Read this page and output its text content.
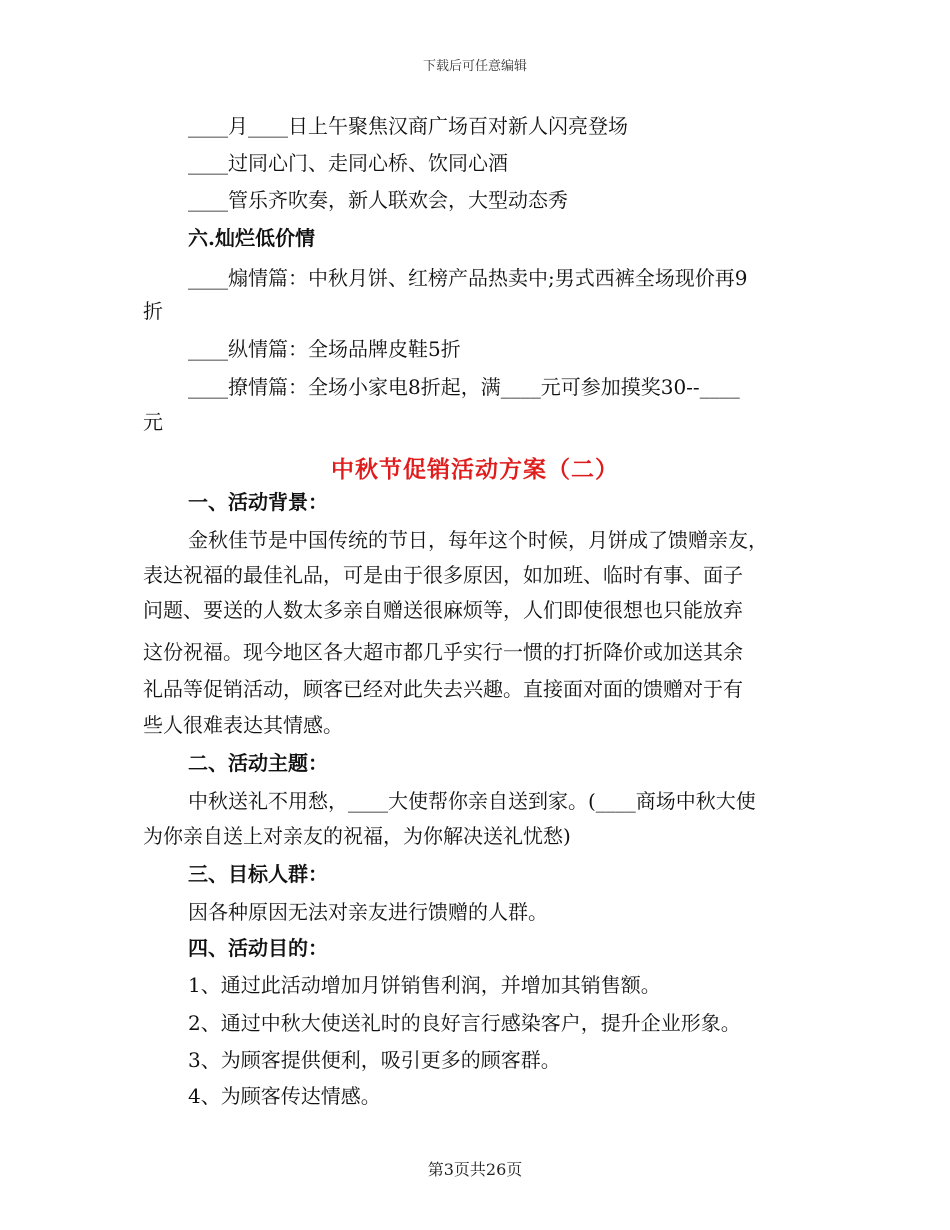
下载后可任意编辑
____月____日上午聚焦汉商广场百对新人闪亮登场
____过同心门、走同心桥、饮同心酒
____管乐齐吹奏，新人联欢会，大型动态秀
六.灿烂低价情
____煽情篇：中秋月饼、红榜产品热卖中;男式西裤全场现价再9
折
____纵情篇：全场品牌皮鞋5折
____撩情篇：全场小家电8折起，满____元可参加摸奖30--____
元
中秋节促销活动方案（二）
一、活动背景：
金秋佳节是中国传统的节日，每年这个时候，月饼成了馈赠亲友，
表达祝福的最佳礼品，可是由于很多原因，如加班、临时有事、面子
问题、要送的人数太多亲自赠送很麻烦等，人们即使很想也只能放弃
这份祝福。现今地区各大超市都几乎实行一惯的打折降价或加送其余
礼品等促销活动，顾客已经对此失去兴趣。直接面对面的馈赠对于有
些人很难表达其情感。
二、活动主题：
中秋送礼不用愁，____大使帮你亲自送到家。(____商场中秋大使
为你亲自送上对亲友的祝福，为你解决送礼忧愁)
三、目标人群：
因各种原因无法对亲友进行馈赠的人群。
四、活动目的：
1、通过此活动增加月饼销售利润，并增加其销售额。
2、通过中秋大使送礼时的良好言行感染客户，提升企业形象。
3、为顾客提供便利，吸引更多的顾客群。
4、为顾客传达情感。
第3页共26页
